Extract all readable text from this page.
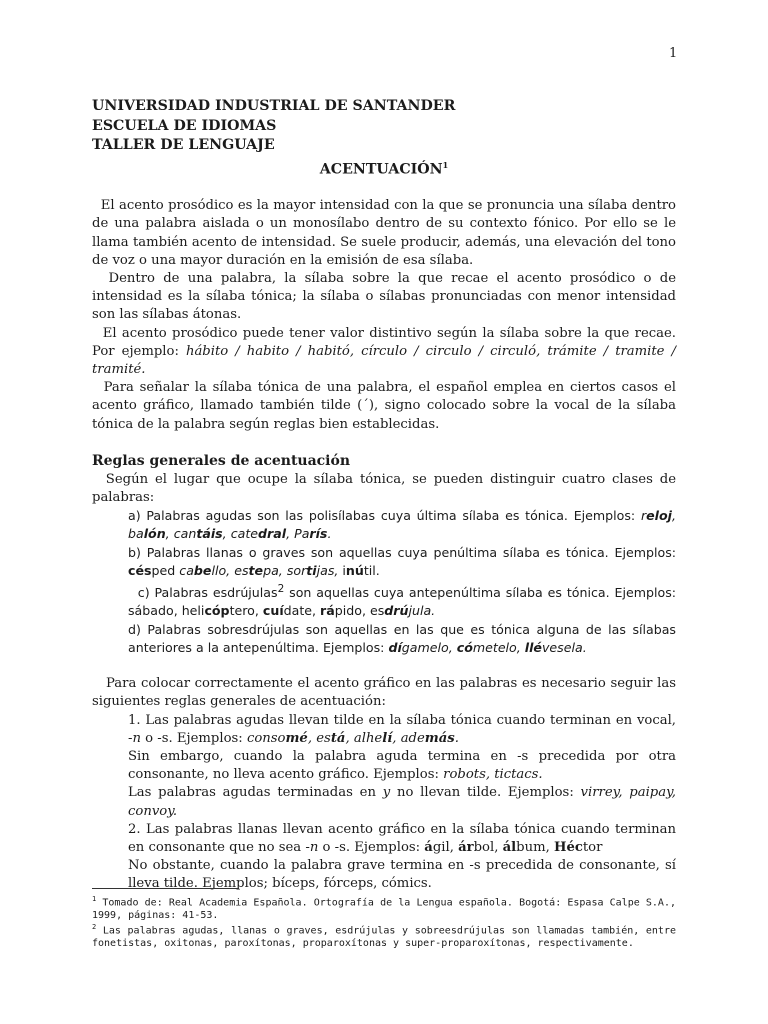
1
UNIVERSIDAD INDUSTRIAL DE SANTANDER
ESCUELA DE IDIOMAS
TALLER DE LENGUAJE
ACENTUACIÓN$^1$

El acento prosódico es la mayor intensidad con la que se pronuncia una sílaba dentro de una palabra aislada o un monosílabo dentro de su contexto fónico. Por ello se le llama también acento de intensidad. Se suele producir, además, una elevación del tono de voz o una mayor duración en la emisión de esa sílaba.

Dentro de una palabra, la sílaba sobre la que recae el acento prosódico o de intensidad es la sílaba tónica; la sílaba o sílabas pronunciadas con menor intensidad son las sílabas átonas.

El acento prosódico puede tener valor distintivo según la sílaba sobre la que recae. Por ejemplo: hábito / habito / habitó, círculo / circulo / circuló, trámite / tramite / tramité.

Para señalar la sílaba tónica de una palabra, el español emplea en ciertos casos el acento gráfico, llamado también tilde (´), signo colocado sobre la vocal de la sílaba tónica de la palabra según reglas bien establecidas.

Reglas generales de acentuación

Según el lugar que ocupe la sílaba tónica, se pueden distinguir cuatro clases de palabras:

a) Palabras agudas son las polisílabas cuya última sílaba es tónica. Ejemplos: reloj, balón, cantáis, catedral, París.

b) Palabras llanas o graves son aquellas cuya penúltima sílaba es tónica. Ejemplos: césped cabello, estepa, sortijas, inútil.

c) Palabras esdrújulas$^2$ son aquellas cuya antepenúltima sílaba es tónica. Ejemplos: sábado, helicóptero, cuídate, rápido, esdrújula.

d) Palabras sobresdrújulas son aquellas en las que es tónica alguna de las sílabas anteriores a la antepenúltima. Ejemplos: dígamelo, cómetelo, llévesela.

Para colocar correctamente el acento gráfico en las palabras es necesario seguir las siguientes reglas generales de acentuación:

1. Las palabras agudas llevan tilde en la sílaba tónica cuando terminan en vocal, -n o -s. Ejemplos: consomé, está, alhelí, además.

Sin embargo, cuando la palabra aguda termina en -s precedida por otra consonante, no lleva acento gráfico. Ejemplos: robots, tictacs.

Las palabras agudas terminadas en y no llevan tilde. Ejemplos: virrey, paipay, convoy.

2. Las palabras llanas llevan acento gráfico en la sílaba tónica cuando terminan en consonante que no sea -n o -s. Ejemplos: ágil, árbol, álbum, Héctor

No obstante, cuando la palabra grave termina en -s precedida de consonante, sí lleva tilde. Ejemplos; bíceps, fórceps, cómics.

$^1$ Tomado de: Real Academia Española. Ortografía de la Lengua española. Bogotá: Espasa Calpe S.A., 1999, páginas: 41-53.
$^2$ Las palabras agudas, llanas o graves, esdrújulas y sobreesdrújulas son llamadas también, entre fonetistas, oxitonas, paroxítonas, proparoxítonas y super-proparoxítonas, respectivamente.
